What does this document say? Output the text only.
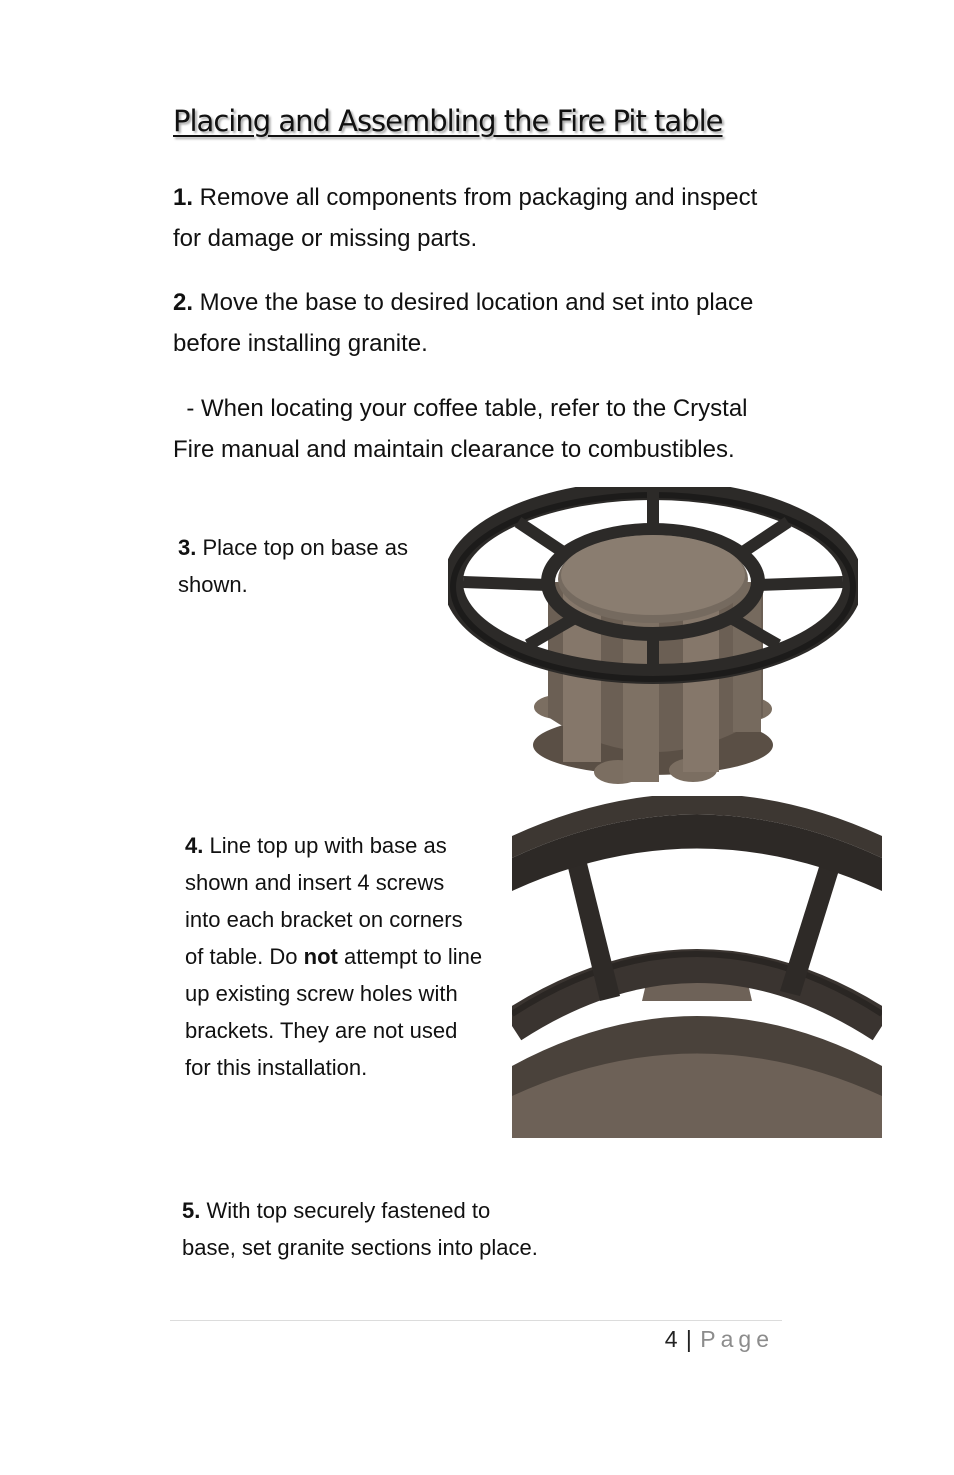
Placing and Assembling the Fire Pit table

1. Remove all components from packaging and inspect for damage or missing parts.

2. Move the base to desired location and set into place before installing granite.

- When locating your coffee table, refer to the Crystal Fire manual and maintain clearance to combustibles.

3. Place top on base as shown.

4. Line top up with base as shown and insert 4 screws into each bracket on corners of table. Do not attempt to line up existing screw holes with brackets. They are not used for this installation.

5. With top securely fastened to base, set granite sections into place.

4 | Page
